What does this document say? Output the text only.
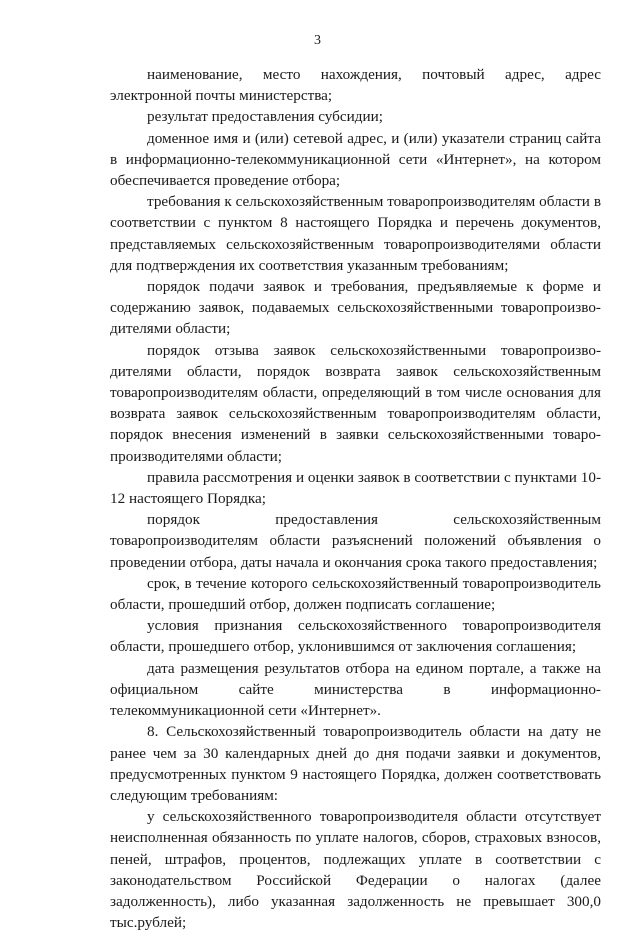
3

наименование, место нахождения, почтовый адрес, адрес электронной почты министерства;

результат предоставления субсидии;

доменное имя и (или) сетевой адрес, и (или) указатели страниц сайта в информационно-телекоммуникационной сети «Интернет», на котором обеспечивается проведение отбора;

требования к сельскохозяйственным товаропроизводителям области в соответствии с пунктом 8 настоящего Порядка и перечень документов, представляемых сельскохозяйственным товаропроизводителями области для подтверждения их соответствия указанным требованиям;

порядок подачи заявок и требования, предъявляемые к форме и содержанию заявок, подаваемых сельскохозяйственными товаропроизво-дителями области;

порядок отзыва заявок сельскохозяйственными товаропроизво-дителями области, порядок возврата заявок сельскохозяйственным товаропроизводителям области, определяющий в том числе основания для возврата заявок сельскохозяйственным товаропроизводителям области, порядок внесения изменений в заявки сельскохозяйственными товаро-производителями области;

правила рассмотрения и оценки заявок в соответствии с пунктами 10-12 настоящего Порядка;

порядок предоставления сельскохозяйственным товаропроизводителям области разъяснений положений объявления о проведении отбора, даты начала и окончания срока такого предоставления;

срок, в течение которого сельскохозяйственный товаропроизводитель области, прошедший отбор, должен подписать соглашение;

условия признания сельскохозяйственного товаропроизводителя области, прошедшего отбор, уклонившимся от заключения соглашения;

дата размещения результатов отбора на едином портале, а также на официальном сайте министерства в информационно-телекоммуникационной сети «Интернет».

8. Сельскохозяйственный товаропроизводитель области на дату не ранее чем за 30 календарных дней до дня подачи заявки и документов, предусмотренных пунктом 9 настоящего Порядка, должен соответствовать следующим требованиям:

у сельскохозяйственного товаропроизводителя области отсутствует неисполненная обязанность по уплате налогов, сборов, страховых взносов, пеней, штрафов, процентов, подлежащих уплате в соответствии с законодательством Российской Федерации о налогах (далее задолженность), либо указанная задолженность не превышает 300,0 тыс.рублей;
